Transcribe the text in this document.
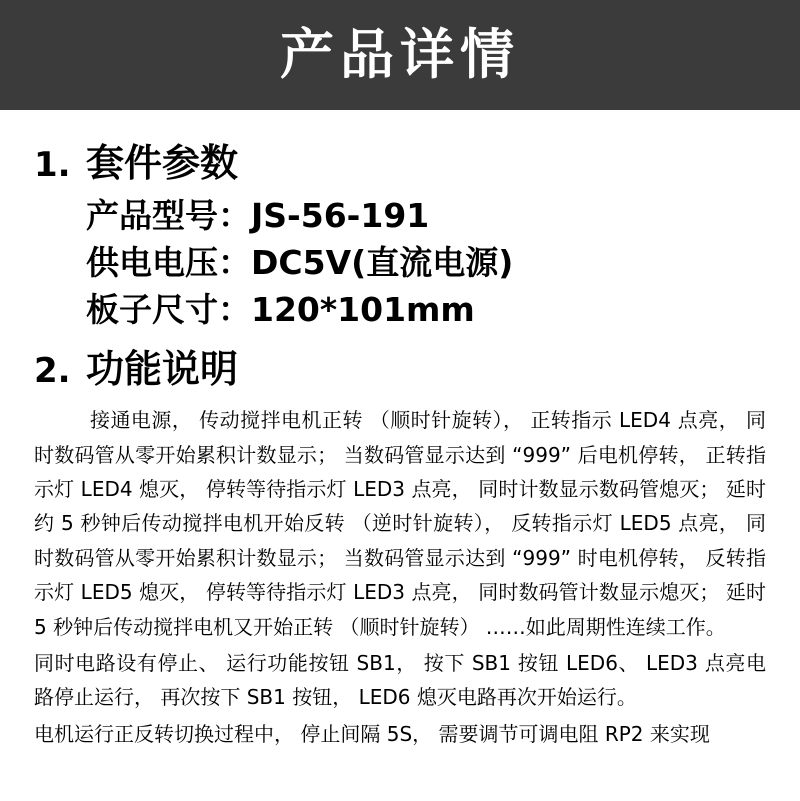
产品详情
1. 套件参数
产品型号： JS-56-191
供电电压： DC5V(直流电源)
板子尺寸： 120*101mm
2. 功能说明

接通电源， 传动搅拌电机正转 （顺时针旋转）， 正转指示 LED4 点亮， 同时数码管从零开始累积计数显示； 当数码管显示达到 “999” 后电机停转， 正转指示灯 LED4 熄灭， 停转等待指示灯 LED3 点亮， 同时计数显示数码管熄灭； 延时约 5 秒钟后传动搅拌电机开始反转 （逆时针旋转）， 反转指示灯 LED5 点亮， 同时数码管从零开始累积计数显示； 当数码管显示达到 “999” 时电机停转， 反转指示灯 LED5 熄灭， 停转等待指示灯 LED3 点亮， 同时数码管计数显示熄灭； 延时 5 秒钟后传动搅拌电机又开始正转 （顺时针旋转） ……如此周期性连续工作。

同时电路设有停止、 运行功能按钮 SB1， 按下 SB1 按钮 LED6、 LED3 点亮电路停止运行， 再次按下 SB1 按钮， LED6 熄灭电路再次开始运行。

电机运行正反转切换过程中， 停止间隔 5S， 需要调节可调电阻 RP2 来实现
